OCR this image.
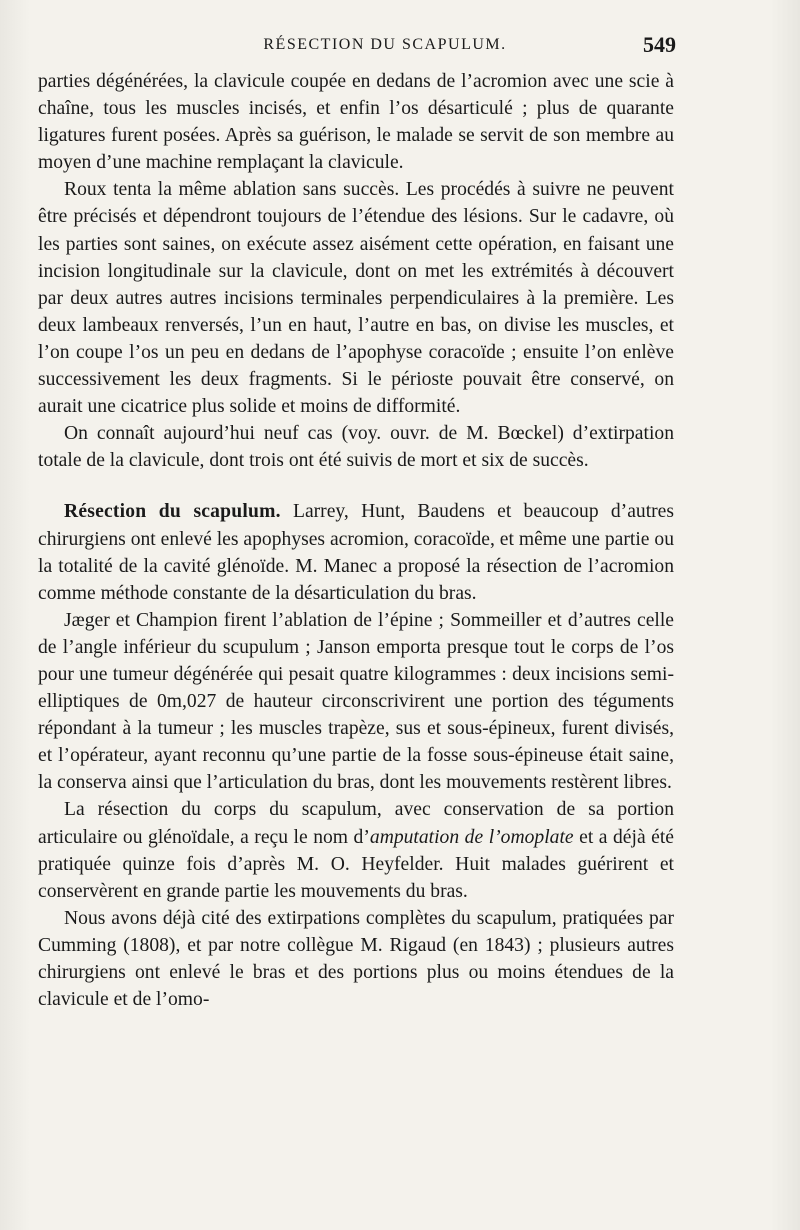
RÉSECTION DU SCAPULUM.	549

parties dégénérées, la clavicule coupée en dedans de l’acromion avec une scie à chaîne, tous les muscles incisés, et enfin l’os désarticulé ; plus de quarante ligatures furent posées. Après sa guérison, le malade se servit de son membre au moyen d’une machine remplaçant la clavicule.

Roux tenta la même ablation sans succès. Les procédés à suivre ne peuvent être précisés et dépendront toujours de l’étendue des lésions. Sur le cadavre, où les parties sont saines, on exécute assez aisément cette opération, en faisant une incision longitudinale sur la clavicule, dont on met les extrémités à découvert par deux autres autres incisions terminales perpendiculaires à la première. Les deux lambeaux renversés, l’un en haut, l’autre en bas, on divise les muscles, et l’on coupe l’os un peu en dedans de l’apophyse coracoïde ; ensuite l’on enlève successivement les deux fragments. Si le périoste pouvait être conservé, on aurait une cicatrice plus solide et moins de difformité.

On connaît aujourd’hui neuf cas (voy. ouvr. de M. Bœckel) d’extirpation totale de la clavicule, dont trois ont été suivis de mort et six de succès.

Résection du scapulum. Larrey, Hunt, Baudens et beaucoup d’autres chirurgiens ont enlevé les apophyses acromion, coracoïde, et même une partie ou la totalité de la cavité glénoïde. M. Manec a proposé la résection de l’acromion comme méthode constante de la désarticulation du bras.

Jæger et Champion firent l’ablation de l’épine ; Sommeiller et d’autres celle de l’angle inférieur du scupulum ; Janson emporta presque tout le corps de l’os pour une tumeur dégénérée qui pesait quatre kilogrammes : deux incisions semi-elliptiques de 0m,027 de hauteur circonscrivirent une portion des téguments répondant à la tumeur ; les muscles trapèze, sus et sous-épineux, furent divisés, et l’opérateur, ayant reconnu qu’une partie de la fosse sous-épineuse était saine, la conserva ainsi que l’articulation du bras, dont les mouvements restèrent libres.

La résection du corps du scapulum, avec conservation de sa portion articulaire ou glénoïdale, a reçu le nom d’amputation de l’omoplate et a déjà été pratiquée quinze fois d’après M. O. Heyfelder. Huit malades guérirent et conservèrent en grande partie les mouvements du bras.

Nous avons déjà cité des extirpations complètes du scapulum, pratiquées par Cumming (1808), et par notre collègue M. Rigaud (en 1843) ; plusieurs autres chirurgiens ont enlevé le bras et des portions plus ou moins étendues de la clavicule et de l’omo-
